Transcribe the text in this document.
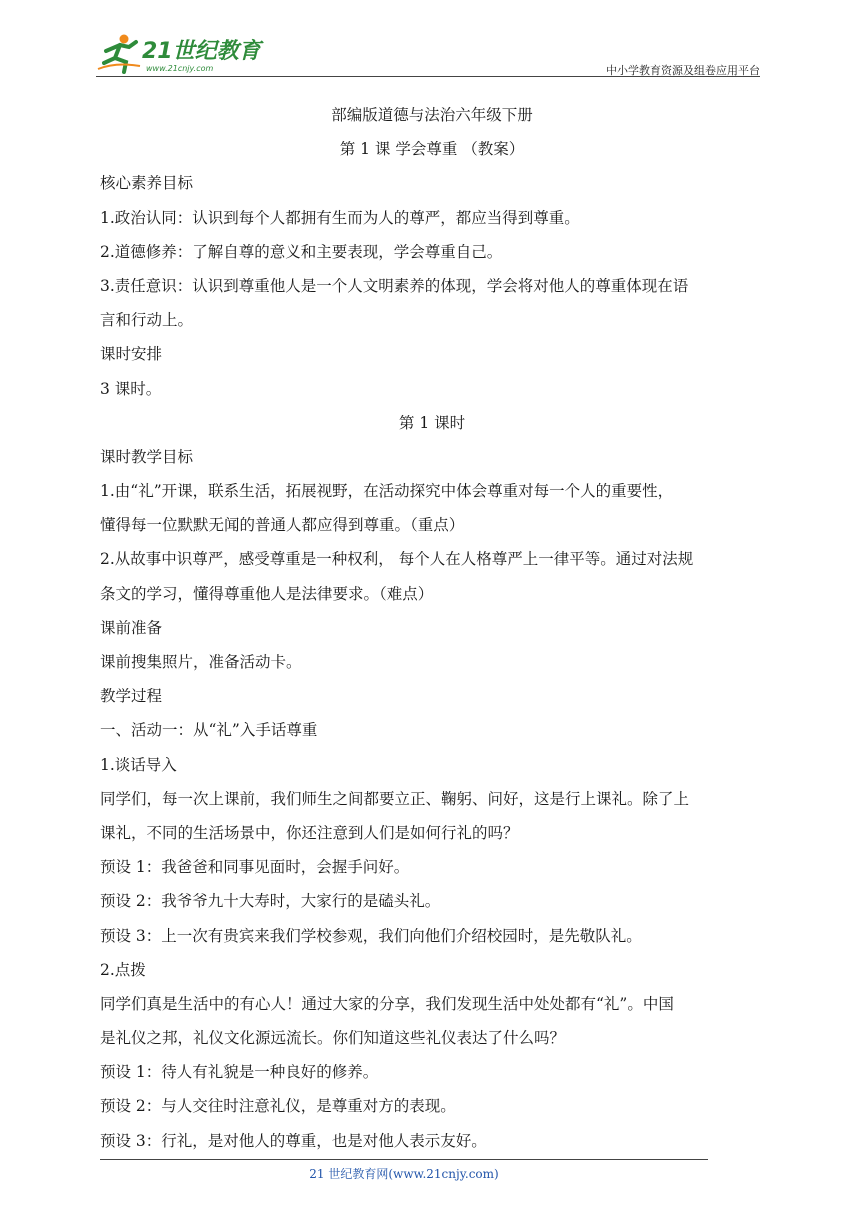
21世纪教育
www.21cnjy.com	中小学教育资源及组卷应用平台
部编版道德与法治六年级下册
第 1 课 学会尊重 （教案）
核心素养目标
1.政治认同：认识到每个人都拥有生而为人的尊严，都应当得到尊重。
2.道德修养：了解自尊的意义和主要表现，学会尊重自己。
3.责任意识：认识到尊重他人是一个人文明素养的体现，学会将对他人的尊重体现在语
言和行动上。
课时安排
3 课时。
第 1 课时
课时教学目标
1.由“礼”开课，联系生活，拓展视野，在活动探究中体会尊重对每一个人的重要性，
懂得每一位默默无闻的普通人都应得到尊重。（重点）
2.从故事中识尊严，感受尊重是一种权利， 每个人在人格尊严上一律平等。通过对法规
条文的学习，懂得尊重他人是法律要求。（难点）
课前准备
课前搜集照片，准备活动卡。
教学过程
一、活动一：从“礼”入手话尊重
1.谈话导入
同学们，每一次上课前，我们师生之间都要立正、鞠躬、问好，这是行上课礼。除了上
课礼，不同的生活场景中，你还注意到人们是如何行礼的吗？
预设 1：我爸爸和同事见面时，会握手问好。
预设 2：我爷爷九十大寿时，大家行的是磕头礼。
预设 3：上一次有贵宾来我们学校参观，我们向他们介绍校园时，是先敬队礼。
2.点拨
同学们真是生活中的有心人！通过大家的分享，我们发现生活中处处都有“礼”。中国
是礼仪之邦，礼仪文化源远流长。你们知道这些礼仪表达了什么吗？
预设 1：待人有礼貌是一种良好的修养。
预设 2：与人交往时注意礼仪，是尊重对方的表现。
预设 3：行礼，是对他人的尊重，也是对他人表示友好。
21 世纪教育网(www.21cnjy.com)
